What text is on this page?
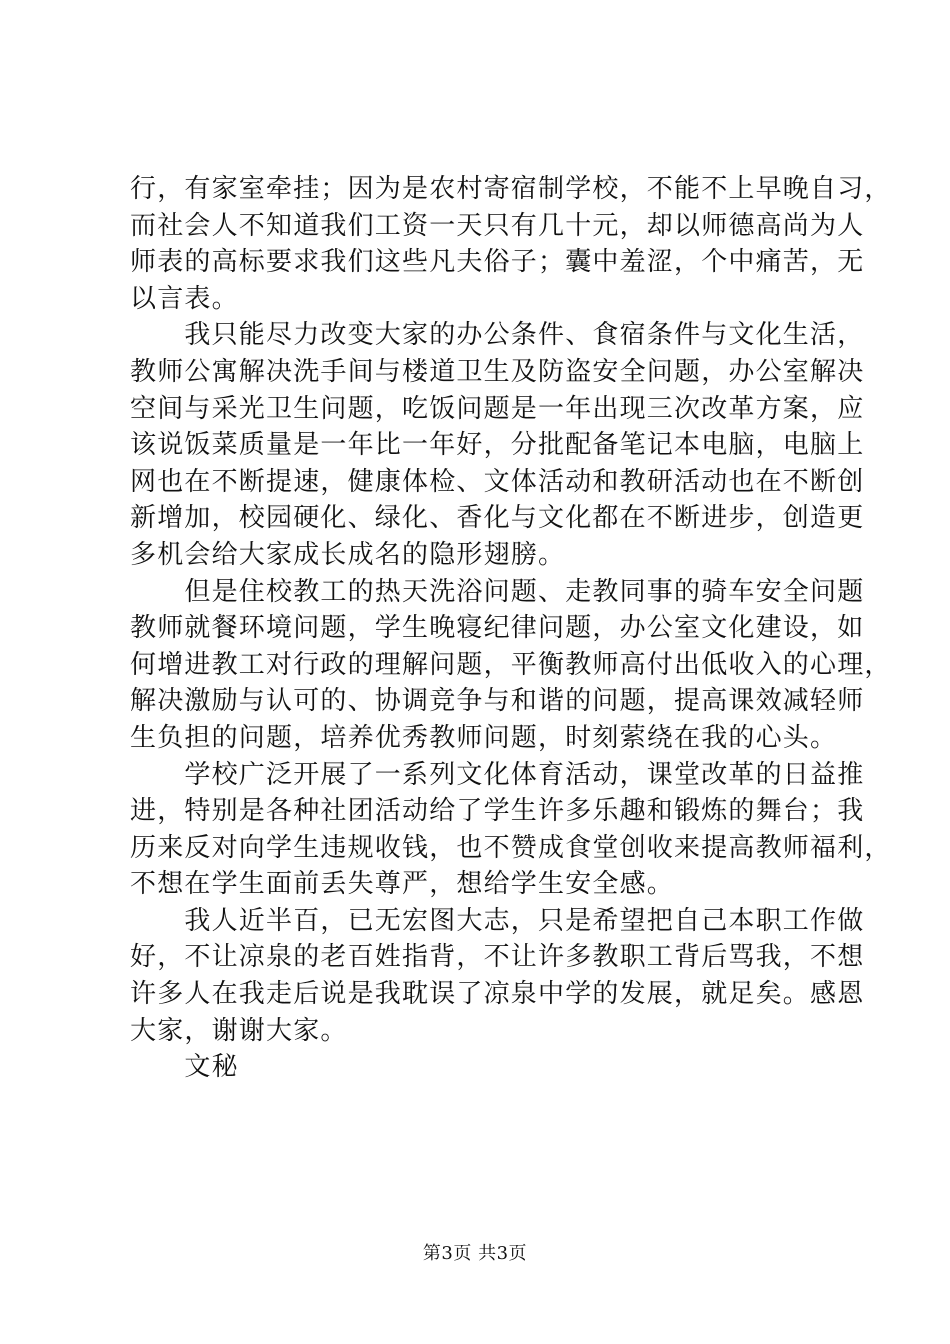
行，有家室牵挂；因为是农村寄宿制学校，不能不上早晚自习，
而社会人不知道我们工资一天只有几十元，却以师德高尚为人
师表的高标要求我们这些凡夫俗子；囊中羞涩，个中痛苦，无
以言表。
　　我只能尽力改变大家的办公条件、食宿条件与文化生活，
教师公寓解决洗手间与楼道卫生及防盗安全问题，办公室解决
空间与采光卫生问题，吃饭问题是一年出现三次改革方案，应
该说饭菜质量是一年比一年好，分批配备笔记本电脑，电脑上
网也在不断提速，健康体检、文体活动和教研活动也在不断创
新增加，校园硬化、绿化、香化与文化都在不断进步，创造更
多机会给大家成长成名的隐形翅膀。
　　但是住校教工的热天洗浴问题、走教同事的骑车安全问题
教师就餐环境问题，学生晚寝纪律问题，办公室文化建设，如
何增进教工对行政的理解问题，平衡教师高付出低收入的心理，
解决激励与认可的、协调竞争与和谐的问题，提高课效减轻师
生负担的问题，培养优秀教师问题，时刻萦绕在我的心头。
　　学校广泛开展了一系列文化体育活动，课堂改革的日益推
进，特别是各种社团活动给了学生许多乐趣和锻炼的舞台；我
历来反对向学生违规收钱，也不赞成食堂创收来提高教师福利，
不想在学生面前丢失尊严，想给学生安全感。
　　我人近半百，已无宏图大志，只是希望把自己本职工作做
好，不让凉泉的老百姓指背，不让许多教职工背后骂我，不想
许多人在我走后说是我耽误了凉泉中学的发展，就足矣。感恩
大家，谢谢大家。
　　文秘
第3页 共3页
